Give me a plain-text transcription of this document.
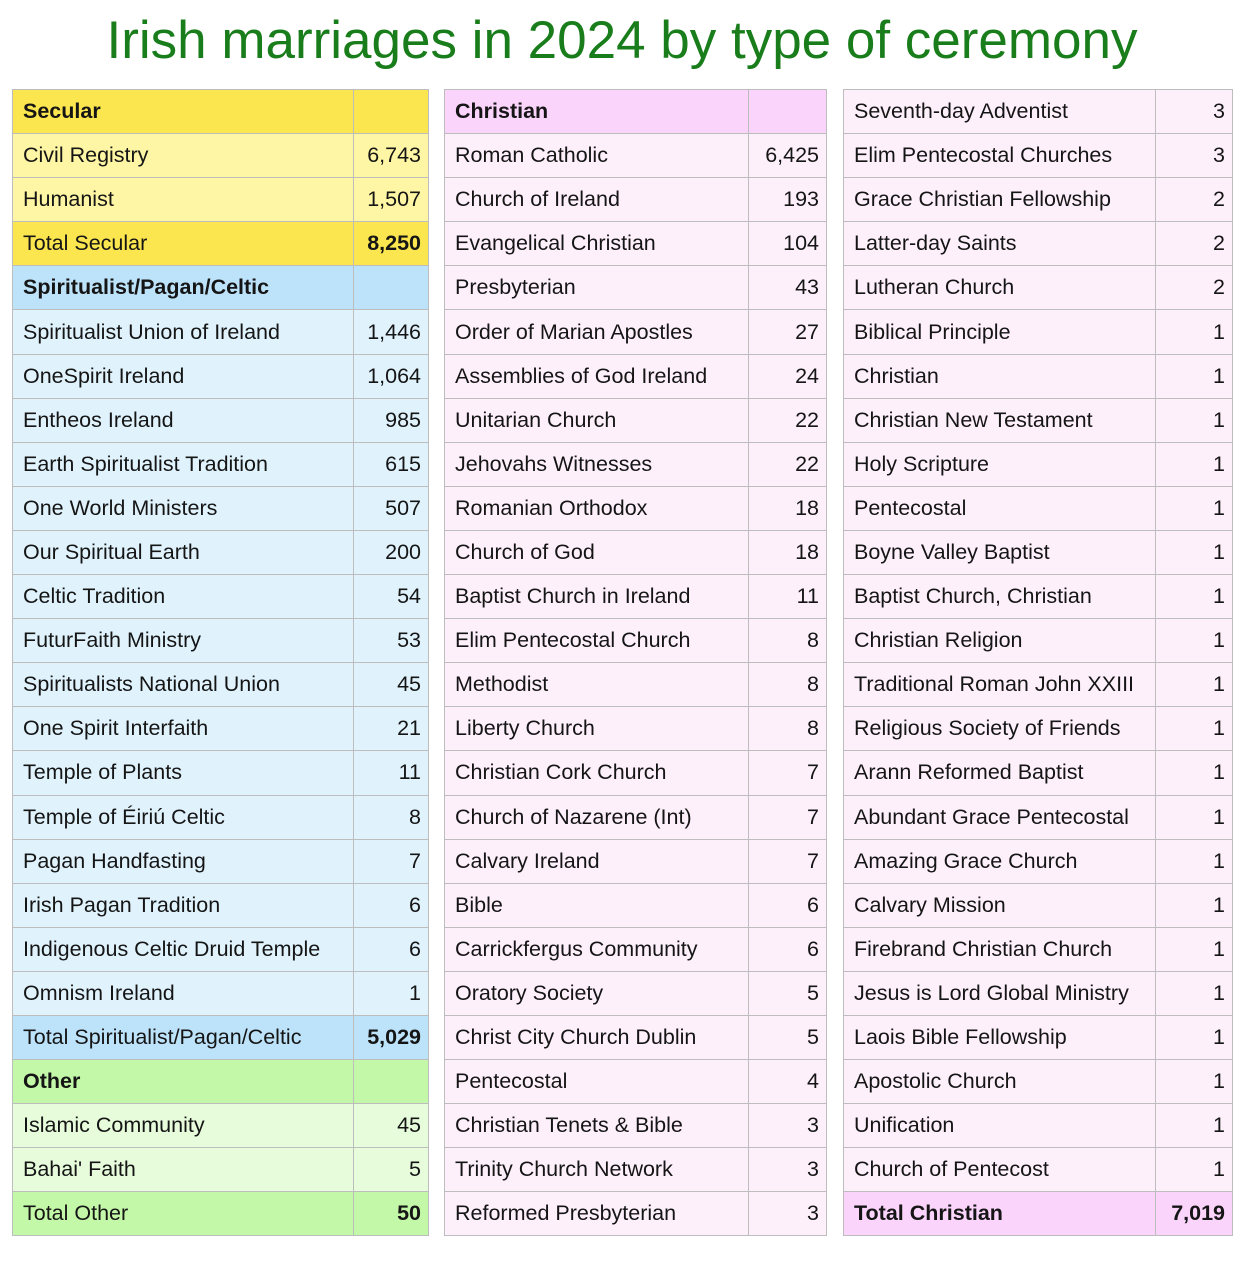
Irish marriages in 2024 by type of ceremony
Secular	
Civil Registry	6,743
Humanist	1,507
Total Secular	8,250
Spiritualist/Pagan/Celtic	
Spiritualist Union of Ireland	1,446
OneSpirit Ireland	1,064
Entheos Ireland	985
Earth Spiritualist Tradition	615
One World Ministers	507
Our Spiritual Earth	200
Celtic Tradition	54
FuturFaith Ministry	53
Spiritualists National Union	45
One Spirit Interfaith	21
Temple of Plants	11
Temple of Éiriú Celtic	8
Pagan Handfasting	7
Irish Pagan Tradition	6
Indigenous Celtic Druid Temple	6
Omnism Ireland	1
Total Spiritualist/Pagan/Celtic	5,029
Other	
Islamic Community	45
Bahai' Faith	5
Total Other	50
Christian	
Roman Catholic	6,425
Church of Ireland	193
Evangelical Christian	104
Presbyterian	43
Order of Marian Apostles	27
Assemblies of God Ireland	24
Unitarian Church	22
Jehovahs Witnesses	22
Romanian Orthodox	18
Church of God	18
Baptist Church in Ireland	11
Elim Pentecostal Church	8
Methodist	8
Liberty Church	8
Christian Cork Church	7
Church of Nazarene (Int)	7
Calvary Ireland	7
Bible	6
Carrickfergus Community	6
Oratory Society	5
Christ City Church Dublin	5
Pentecostal	4
Christian Tenets & Bible	3
Trinity Church Network	3
Reformed Presbyterian	3
Seventh-day Adventist	3
Elim Pentecostal Churches	3
Grace Christian Fellowship	2
Latter-day Saints	2
Lutheran Church	2
Biblical Principle	1
Christian	1
Christian New Testament	1
Holy Scripture	1
Pentecostal	1
Boyne Valley Baptist	1
Baptist Church, Christian	1
Christian Religion	1
Traditional Roman John XXIII	1
Religious Society of Friends	1
Arann Reformed Baptist	1
Abundant Grace Pentecostal	1
Amazing Grace Church	1
Calvary Mission	1
Firebrand Christian Church	1
Jesus is Lord Global Ministry	1
Laois Bible Fellowship	1
Apostolic Church	1
Unification	1
Church of Pentecost	1
Total Christian	7,019
